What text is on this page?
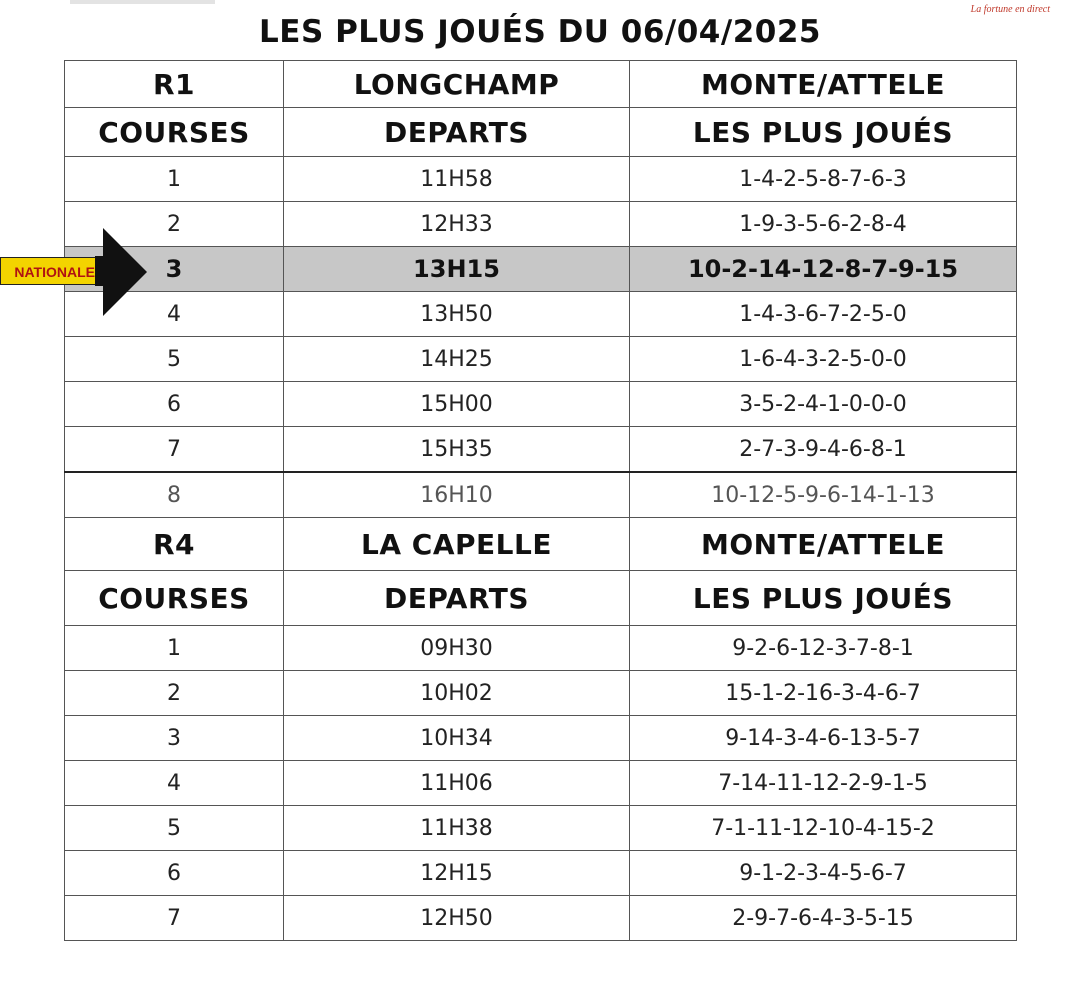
La fortune en direct
LES PLUS JOUÉS DU 06/04/2025
R1	LONGCHAMP	MONTE/ATTELE
COURSES	DEPARTS	LES PLUS JOUÉS
1	11H58	1-4-2-5-8-7-6-3
2	12H33	1-9-3-5-6-2-8-4
3	13H15	10-2-14-12-8-7-9-15
4	13H50	1-4-3-6-7-2-5-0
5	14H25	1-6-4-3-2-5-0-0
6	15H00	3-5-2-4-1-0-0-0
7	15H35	2-7-3-9-4-6-8-1
8	16H10	10-12-5-9-6-14-1-13
R4	LA CAPELLE	MONTE/ATTELE
COURSES	DEPARTS	LES PLUS JOUÉS
1	09H30	9-2-6-12-3-7-8-1
2	10H02	15-1-2-16-3-4-6-7
3	10H34	9-14-3-4-6-13-5-7
4	11H06	7-14-11-12-2-9-1-5
5	11H38	7-1-11-12-10-4-15-2
6	12H15	9-1-2-3-4-5-6-7
7	12H50	2-9-7-6-4-3-5-15
NATIONALE
